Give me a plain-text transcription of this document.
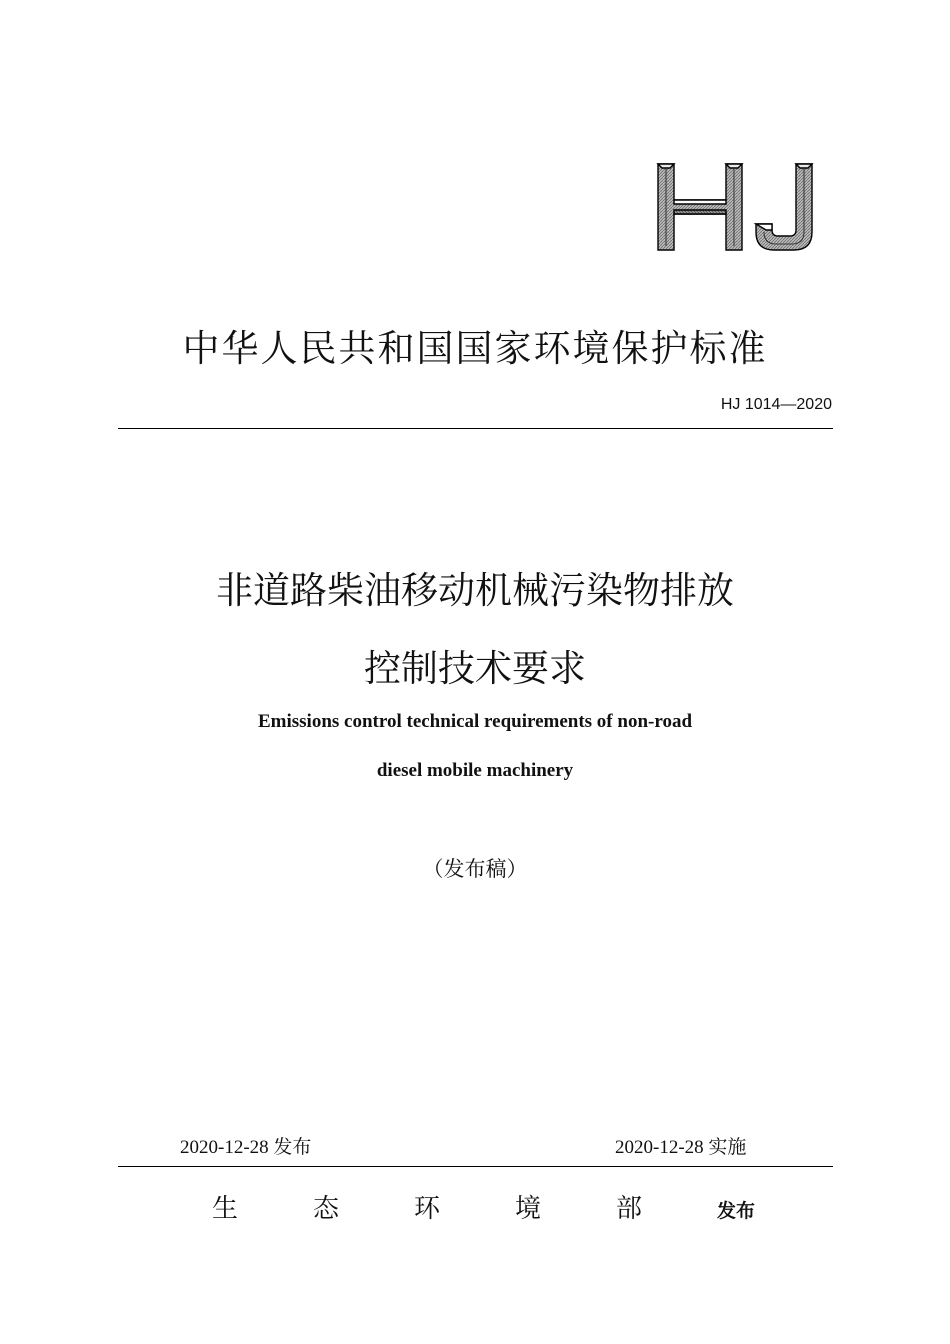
中华人民共和国国家环境保护标准
HJ 1014—2020
非道路柴油移动机械污染物排放
控制技术要求
Emissions control technical requirements of non-road
diesel mobile machinery
（发布稿）
2020-12-28 发布	2020-12-28 实施
生	态	环	境	部	发布
